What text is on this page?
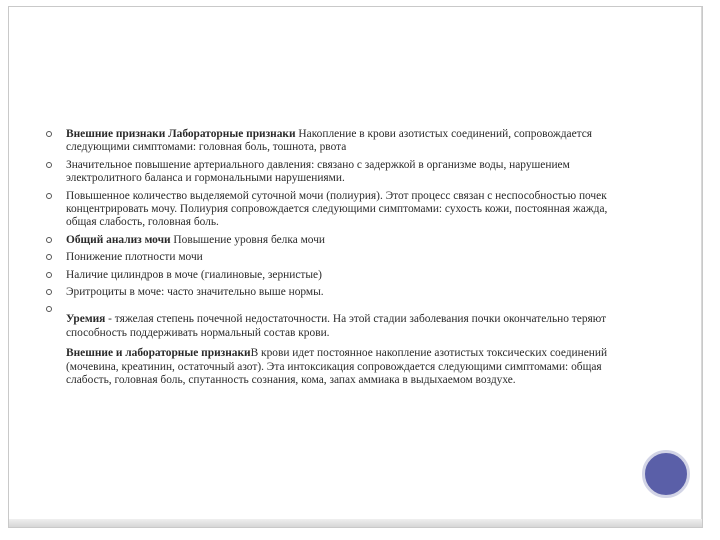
Внешние признаки Лабораторные признаки Накопление в крови азотистых соединений, сопровождается следующими симптомами: головная боль, тошнота, рвота
Значительное повышение артериального давления: связано с задержкой в организме воды, нарушением электролитного баланса и гормональными нарушениями.
Повышенное количество выделяемой суточной мочи (полиурия). Этот процесс связан с неспособностью почек концентрировать мочу. Полиурия сопровождается следующими симптомами: сухость кожи, постоянная жажда, общая слабость, головная боль.
Общий анализ мочи Повышение уровня белка мочи
Понижение плотности мочи
Наличие цилиндров в моче (гиалиновые, зернистые)
Эритроциты в моче: часто значительно выше нормы.
Уремия - тяжелая степень почечной недостаточности. На этой стадии заболевания почки окончательно теряют способность поддерживать нормальный состав крови.
Внешние и лабораторные признакиВ крови идет постоянное накопление азотистых токсических соединений (мочевина, креатинин, остаточный азот). Эта интоксикация сопровождается следующими симптомами: общая слабость, головная боль, спутанность сознания, кома, запах аммиака в выдыхаемом воздухе.
